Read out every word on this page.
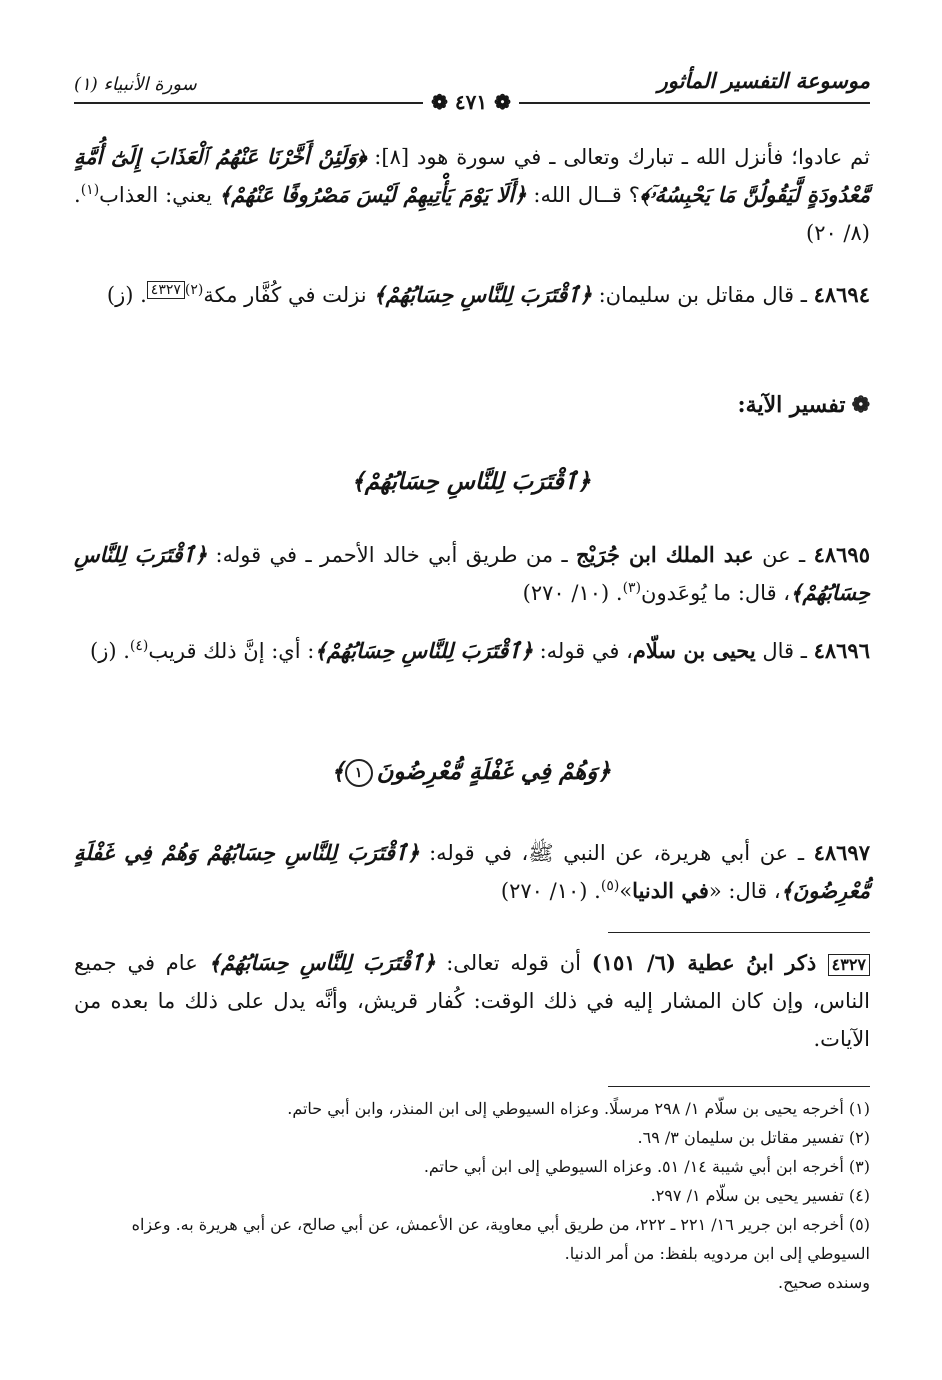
موسوعة التفسير المأثور
سورة الأنبياء (١)
❁ ٤٧١ ❁
ثم عادوا؛ فأنزل الله ـ تبارك وتعالى ـ في سورة هود [٨]: ﴿وَلَئِنْ أَخَّرْنَا عَنْهُمُ ٱلْعَذَابَ إِلَىٰٓ أُمَّةٍ مَّعْدُودَةٍ لَّيَقُولُنَّ مَا يَحْبِسُهُۥٓ﴾؟ قــال الله: ﴿أَلَا يَوْمَ يَأْتِيهِمْ لَيْسَ مَصْرُوفًا عَنْهُمْ﴾ يعني: العذاب$^{(١)}$. (٨/ ٢٠)
٤٨٦٩٤ ـ قال مقاتل بن سليمان: ﴿ٱقْتَرَبَ لِلنَّاسِ حِسَابُهُمْ﴾ نزلت في كُفَّار مكة$^{(٢)}$٤٣٢٧. (ز)
❁تفسير الآية:
﴿ٱقْتَرَبَ لِلنَّاسِ حِسَابُهُمْ﴾
٤٨٦٩٥ ـ عن عبد الملك ابن جُرَيْج ـ من طريق أبي خالد الأحمر ـ في قوله: ﴿ٱقْتَرَبَ لِلنَّاسِ حِسَابُهُمْ﴾، قال: ما يُوعَدون$^{(٣)}$. (١٠/ ٢٧٠)
٤٨٦٩٦ ـ قال يحيى بن سلّام، في قوله: ﴿ٱقْتَرَبَ لِلنَّاسِ حِسَابُهُمْ﴾: أي: إنَّ ذلك قريب$^{(٤)}$. (ز)
﴿وَهُمْ فِي غَفْلَةٍ مُّعْرِضُونَ١﴾
٤٨٦٩٧ ـ عن أبي هريرة، عن النبي ﷺ، في قوله: ﴿ٱقْتَرَبَ لِلنَّاسِ حِسَابُهُمْ وَهُمْ فِي غَفْلَةٍ مُّعْرِضُونَ﴾، قال: «في الدنيا»$^{(٥)}$. (١٠/ ٢٧٠)
٤٣٢٧ ذكر ابنُ عطية (٦/ ١٥١) أن قوله تعالى: ﴿ٱقْتَرَبَ لِلنَّاسِ حِسَابُهُمْ﴾ عام في جميع الناس، وإن كان المشار إليه في ذلك الوقت: كُفار قريش، وأنَّه يدل على ذلك ما بعده من الآيات.

(١) أخرجه يحيى بن سلّام ١/ ٢٩٨ مرسلًا. وعزاه السيوطي إلى ابن المنذر، وابن أبي حاتم.

(٢) تفسير مقاتل بن سليمان ٣/ ٦٩.

(٣) أخرجه ابن أبي شيبة ١٤/ ٥١. وعزاه السيوطي إلى ابن أبي حاتم.

(٤) تفسير يحيى بن سلّام ١/ ٢٩٧.

(٥) أخرجه ابن جرير ١٦/ ٢٢١ ـ ٢٢٢، من طريق أبي معاوية، عن الأعمش، عن أبي صالح، عن أبي هريرة به. وعزاه السيوطي إلى ابن مردويه بلفظ: من أمر الدنيا.

وسنده صحيح.
